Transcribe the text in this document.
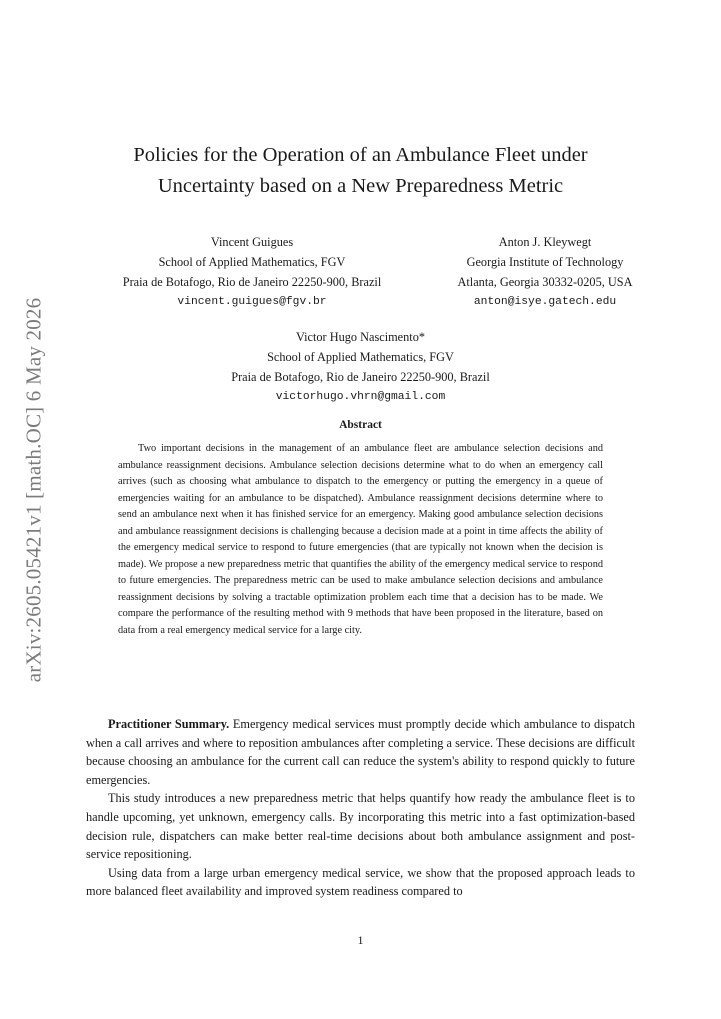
arXiv:2605.05421v1 [math.OC] 6 May 2026
Policies for the Operation of an Ambulance Fleet under
Uncertainty based on a New Preparedness Metric
Vincent Guigues
School of Applied Mathematics, FGV
Praia de Botafogo, Rio de Janeiro 22250-900, Brazil
vincent.guigues@fgv.br
Anton J. Kleywegt
Georgia Institute of Technology
Atlanta, Georgia 30332-0205, USA
anton@isye.gatech.edu
Victor Hugo Nascimento*
School of Applied Mathematics, FGV
Praia de Botafogo, Rio de Janeiro 22250-900, Brazil
victorhugo.vhrn@gmail.com
Abstract

Two important decisions in the management of an ambulance fleet are ambulance selection decisions and ambulance reassignment decisions. Ambulance selection decisions determine what to do when an emergency call arrives (such as choosing what ambulance to dispatch to the emergency or putting the emergency in a queue of emergencies waiting for an ambulance to be dispatched). Ambulance reassignment decisions determine where to send an ambulance next when it has finished service for an emergency. Making good ambulance selection decisions and ambulance reassignment decisions is challenging because a decision made at a point in time affects the ability of the emergency medical service to respond to future emergencies (that are typically not known when the decision is made). We propose a new preparedness metric that quantifies the ability of the emergency medical service to respond to future emergencies. The preparedness metric can be used to make ambulance selection decisions and ambulance reassignment decisions by solving a tractable optimization problem each time that a decision has to be made. We compare the performance of the resulting method with 9 methods that have been proposed in the literature, based on data from a real emergency medical service for a large city.

Practitioner Summary. Emergency medical services must promptly decide which ambulance to dispatch when a call arrives and where to reposition ambulances after completing a service. These decisions are difficult because choosing an ambulance for the current call can reduce the system's ability to respond quickly to future emergencies.

This study introduces a new preparedness metric that helps quantify how ready the ambulance fleet is to handle upcoming, yet unknown, emergency calls. By incorporating this metric into a fast optimization-based decision rule, dispatchers can make better real-time decisions about both ambulance assignment and post-service repositioning.

Using data from a large urban emergency medical service, we show that the proposed approach leads to more balanced fleet availability and improved system readiness compared to

1
